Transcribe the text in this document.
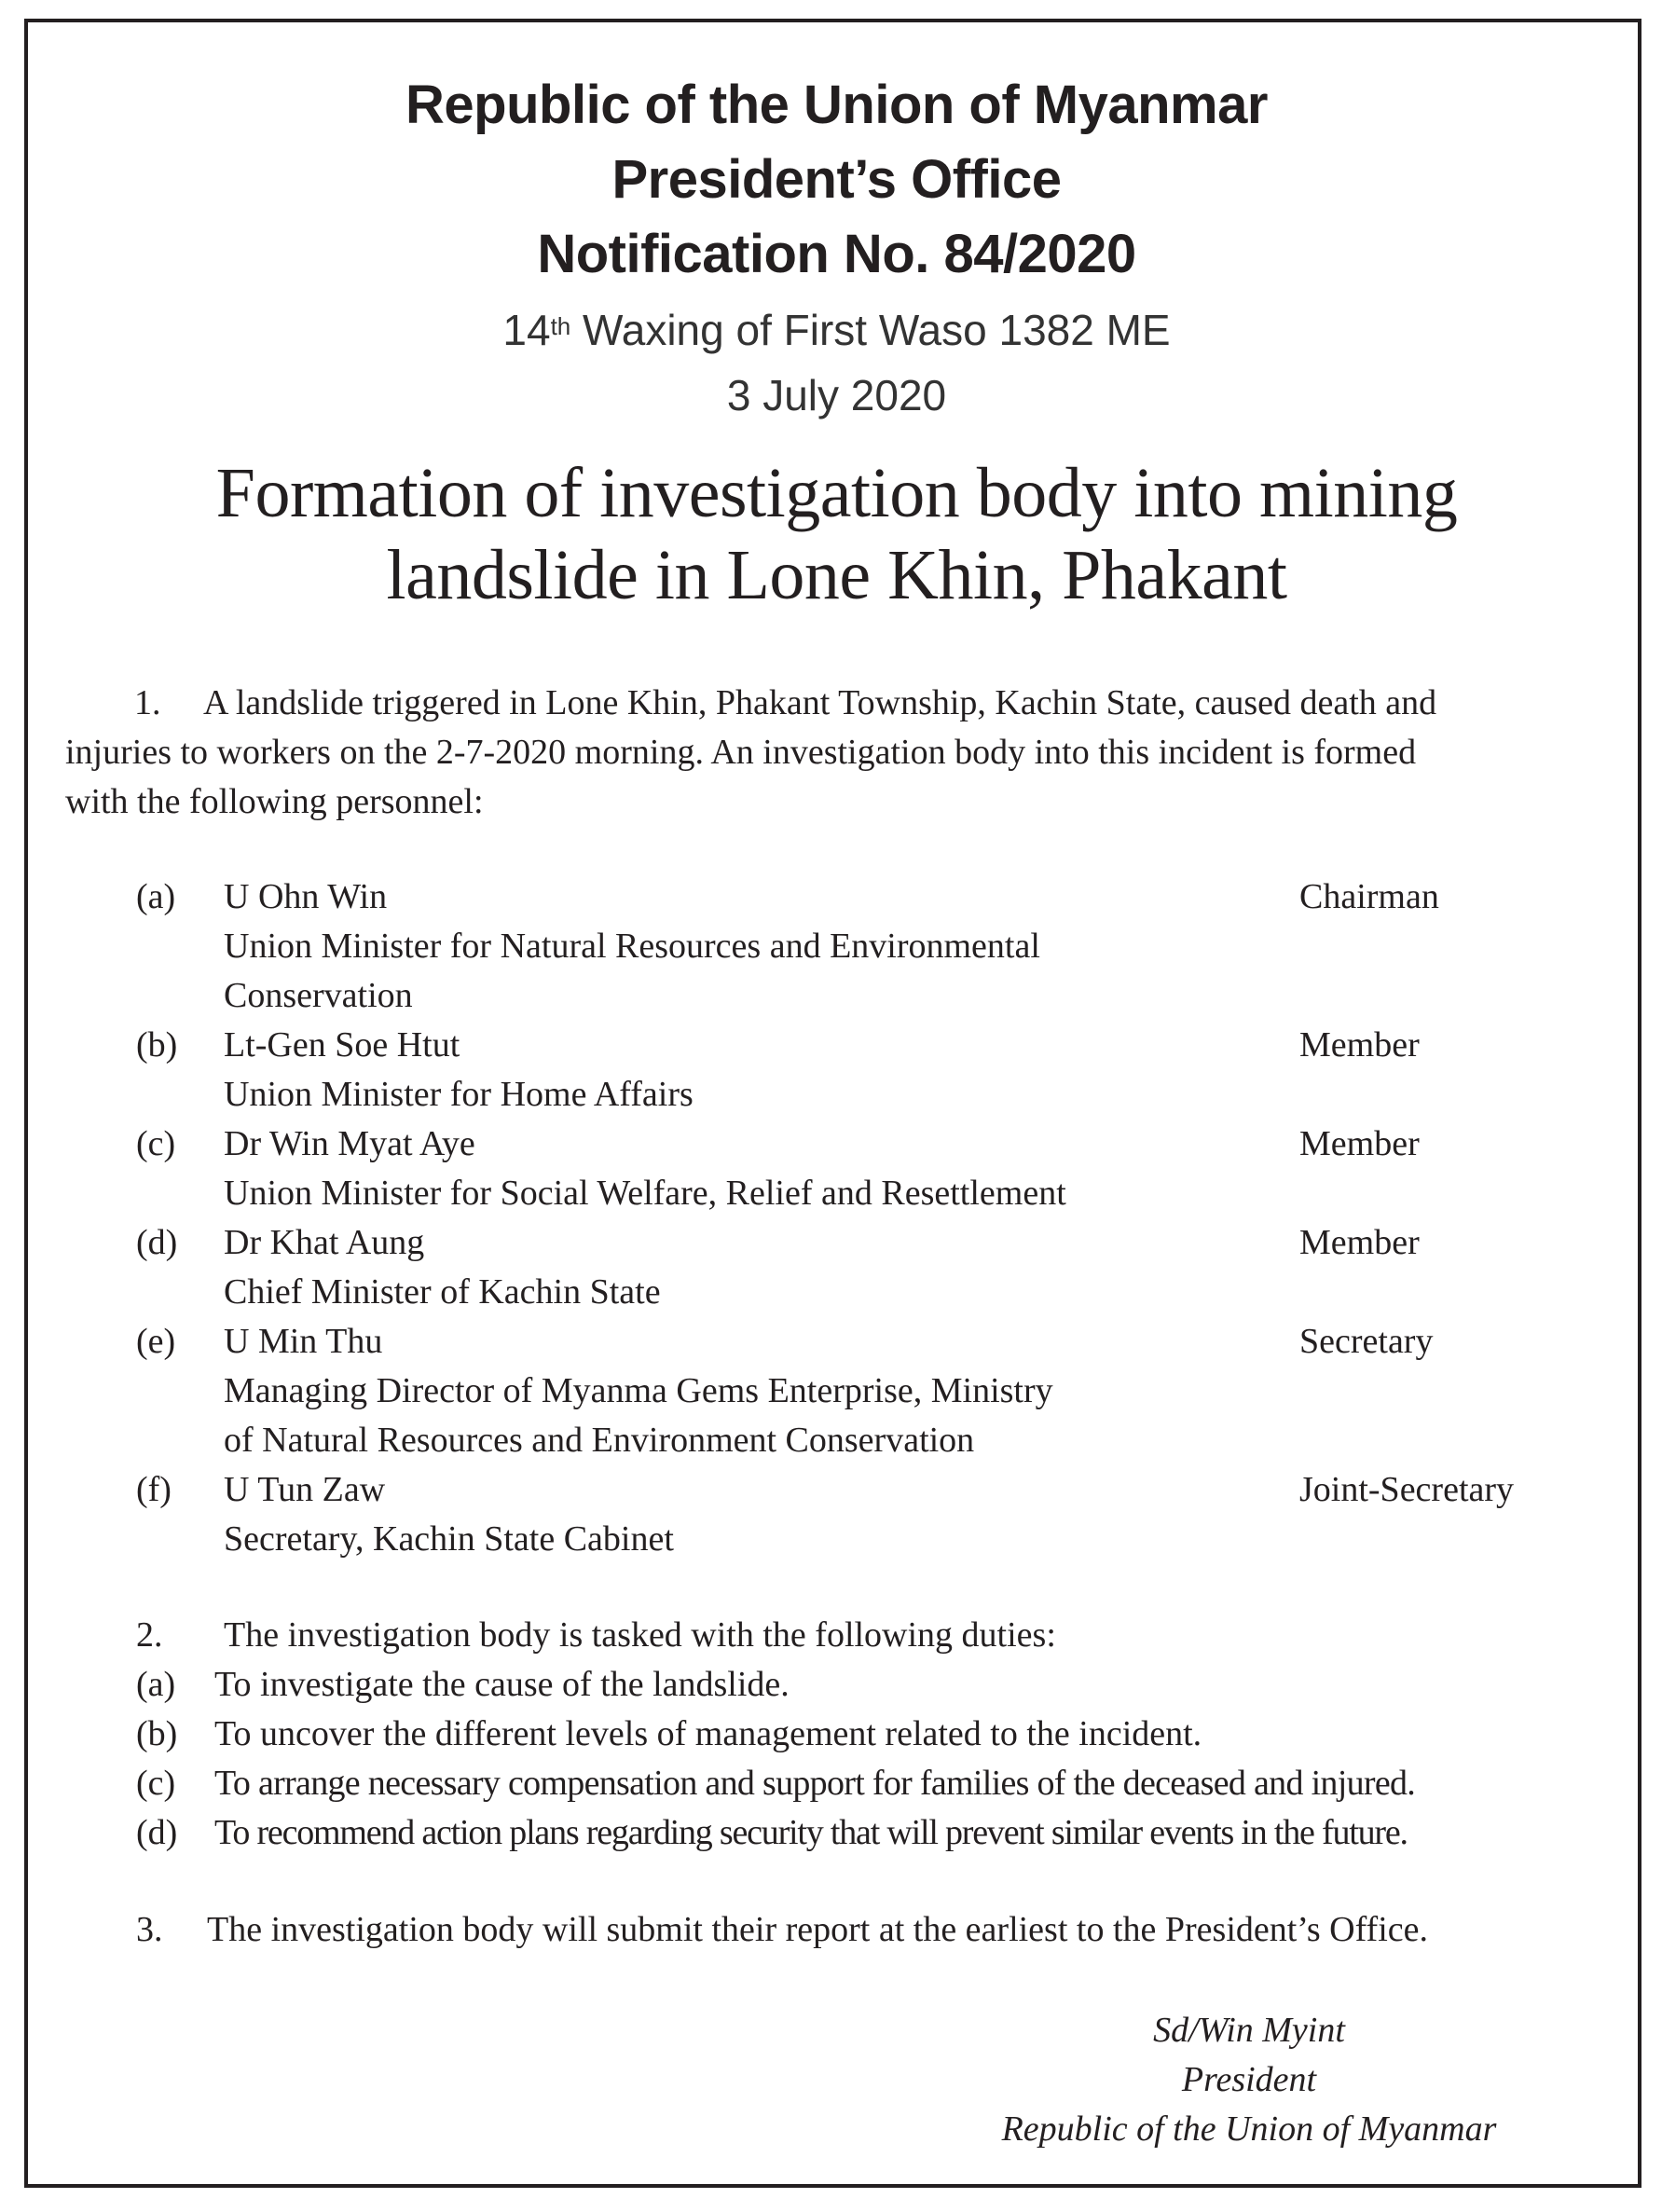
Republic of the Union of Myanmar
President’s Office
Notification No. 84/2020
14th Waxing of First Waso 1382 ME
3 July 2020
Formation of investigation body into mining
landslide in Lone Khin, Phakant
1. A landslide triggered in Lone Khin, Phakant Township, Kachin State, caused death and
injuries to workers on the 2-7-2020 morning. An investigation body into this incident is formed
with the following personnel:
(a) U Ohn Win	Chairman
Union Minister for Natural Resources and Environmental
Conservation
(b) Lt-Gen Soe Htut	Member
Union Minister for Home Affairs
(c) Dr Win Myat Aye	Member
Union Minister for Social Welfare, Relief and Resettlement
(d) Dr Khat Aung	Member
Chief Minister of Kachin State
(e) U Min Thu	Secretary
Managing Director of Myanma Gems Enterprise, Ministry
of Natural Resources and Environment Conservation
(f) U Tun Zaw	Joint-Secretary
Secretary, Kachin State Cabinet
2. The investigation body is tasked with the following duties:
(a) To investigate the cause of the landslide.
(b) To uncover the different levels of management related to the incident.
(c) To arrange necessary compensation and support for families of the deceased and injured.
(d) To recommend action plans regarding security that will prevent similar events in the future.
3. The investigation body will submit their report at the earliest to the President’s Office.
Sd/Win Myint
President
Republic of the Union of Myanmar
